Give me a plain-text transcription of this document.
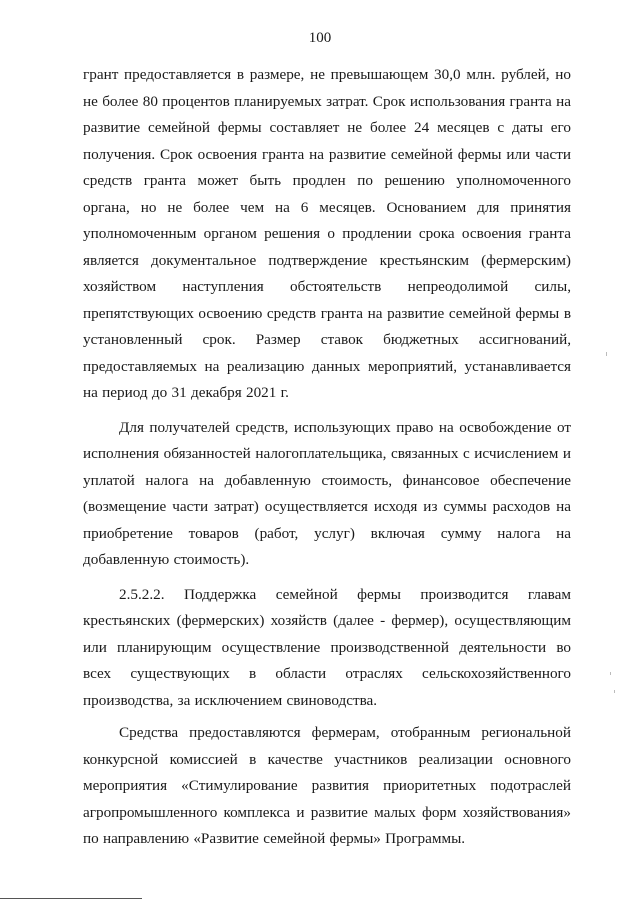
100

грант предоставляется в размере, не превышающем 30,0 млн. рублей, но не более 80 процентов планируемых затрат. Срок использования гранта на развитие семейной фермы составляет не более 24 месяцев с даты его получения. Срок освоения гранта на развитие семейной фермы или части средств гранта может быть продлен по решению уполномоченного органа, но не более чем на 6 месяцев. Основанием для принятия уполномоченным органом решения о продлении срока освоения гранта является документальное подтверждение крестьянским (фермерским) хозяйством наступления обстоятельств непреодолимой силы, препятствующих освоению средств гранта на развитие семейной фермы в установленный срок. Размер ставок бюджетных ассигнований, предоставляемых на реализацию данных мероприятий, устанавливается на период до 31 декабря 2021 г.

Для получателей средств, использующих право на освобождение от исполнения обязанностей налогоплательщика, связанных с исчислением и уплатой налога на добавленную стоимость, финансовое обеспечение (возмещение части затрат) осуществляется исходя из суммы расходов на приобретение товаров (работ, услуг) включая сумму налога на добавленную стоимость).

2.5.2.2. Поддержка семейной фермы производится главам крестьянских (фермерских) хозяйств (далее - фермер), осуществляющим или планирующим осуществление производственной деятельности во всех существующих в области отраслях сельскохозяйственного производства, за исключением свиноводства.

Средства предоставляются фермерам, отобранным региональной конкурсной комиссией в качестве участников реализации основного мероприятия «Стимулирование развития приоритетных подотраслей агропромышленного комплекса и развитие малых форм хозяйствования» по направлению «Развитие семейной фермы» Программы.
